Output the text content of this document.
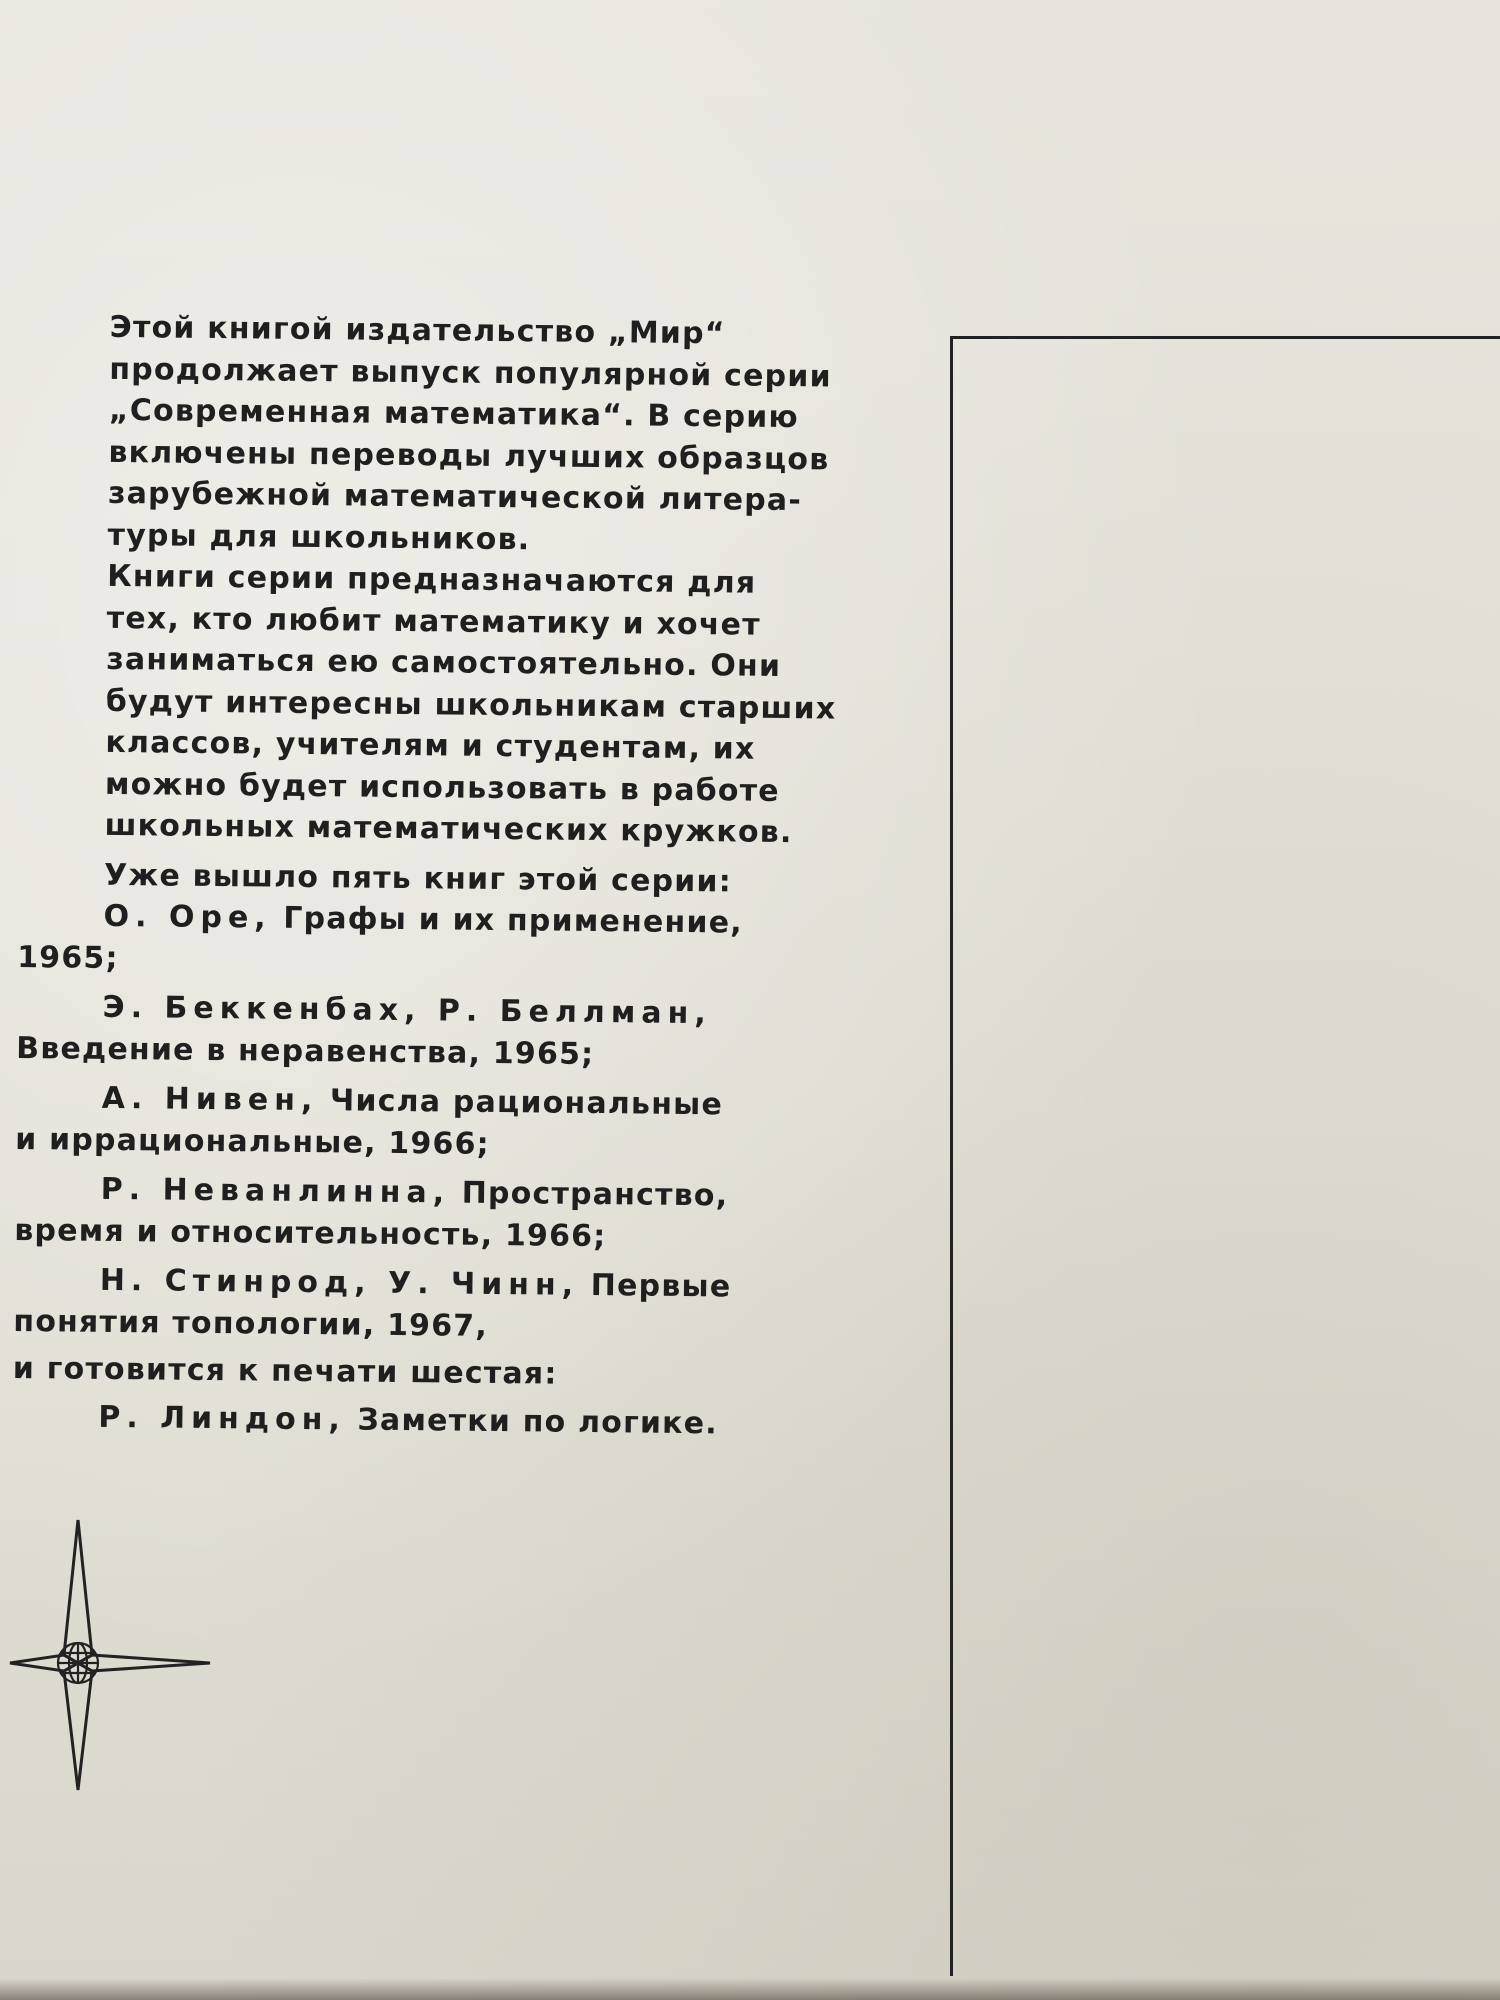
Этой книгой издательство „Мир“
продолжает выпуск популярной серии
„Современная математика“. В серию
включены переводы лучших образцов
зарубежной математической литера-
туры для школьников.
Книги серии предназначаются для
тех, кто любит математику и хочет
заниматься ею самостоятельно. Они
будут интересны школьникам старших
классов, учителям и студентам, их
можно будет использовать в работе
школьных математических кружков.
Уже вышло пять книг этой серии:
О. Оре, Графы и их применение,
1965;
Э. Беккенбах, Р. Беллман,
Введение в неравенства, 1965;
А. Нивен, Числа рациональные
и иррациональные, 1966;
Р. Неванлинна, Пространство,
время и относительность, 1966;
Н. Стинрод, У. Чинн, Первые
понятия топологии, 1967,
и готовится к печати шестая:
Р. Линдон, Заметки по логике.
